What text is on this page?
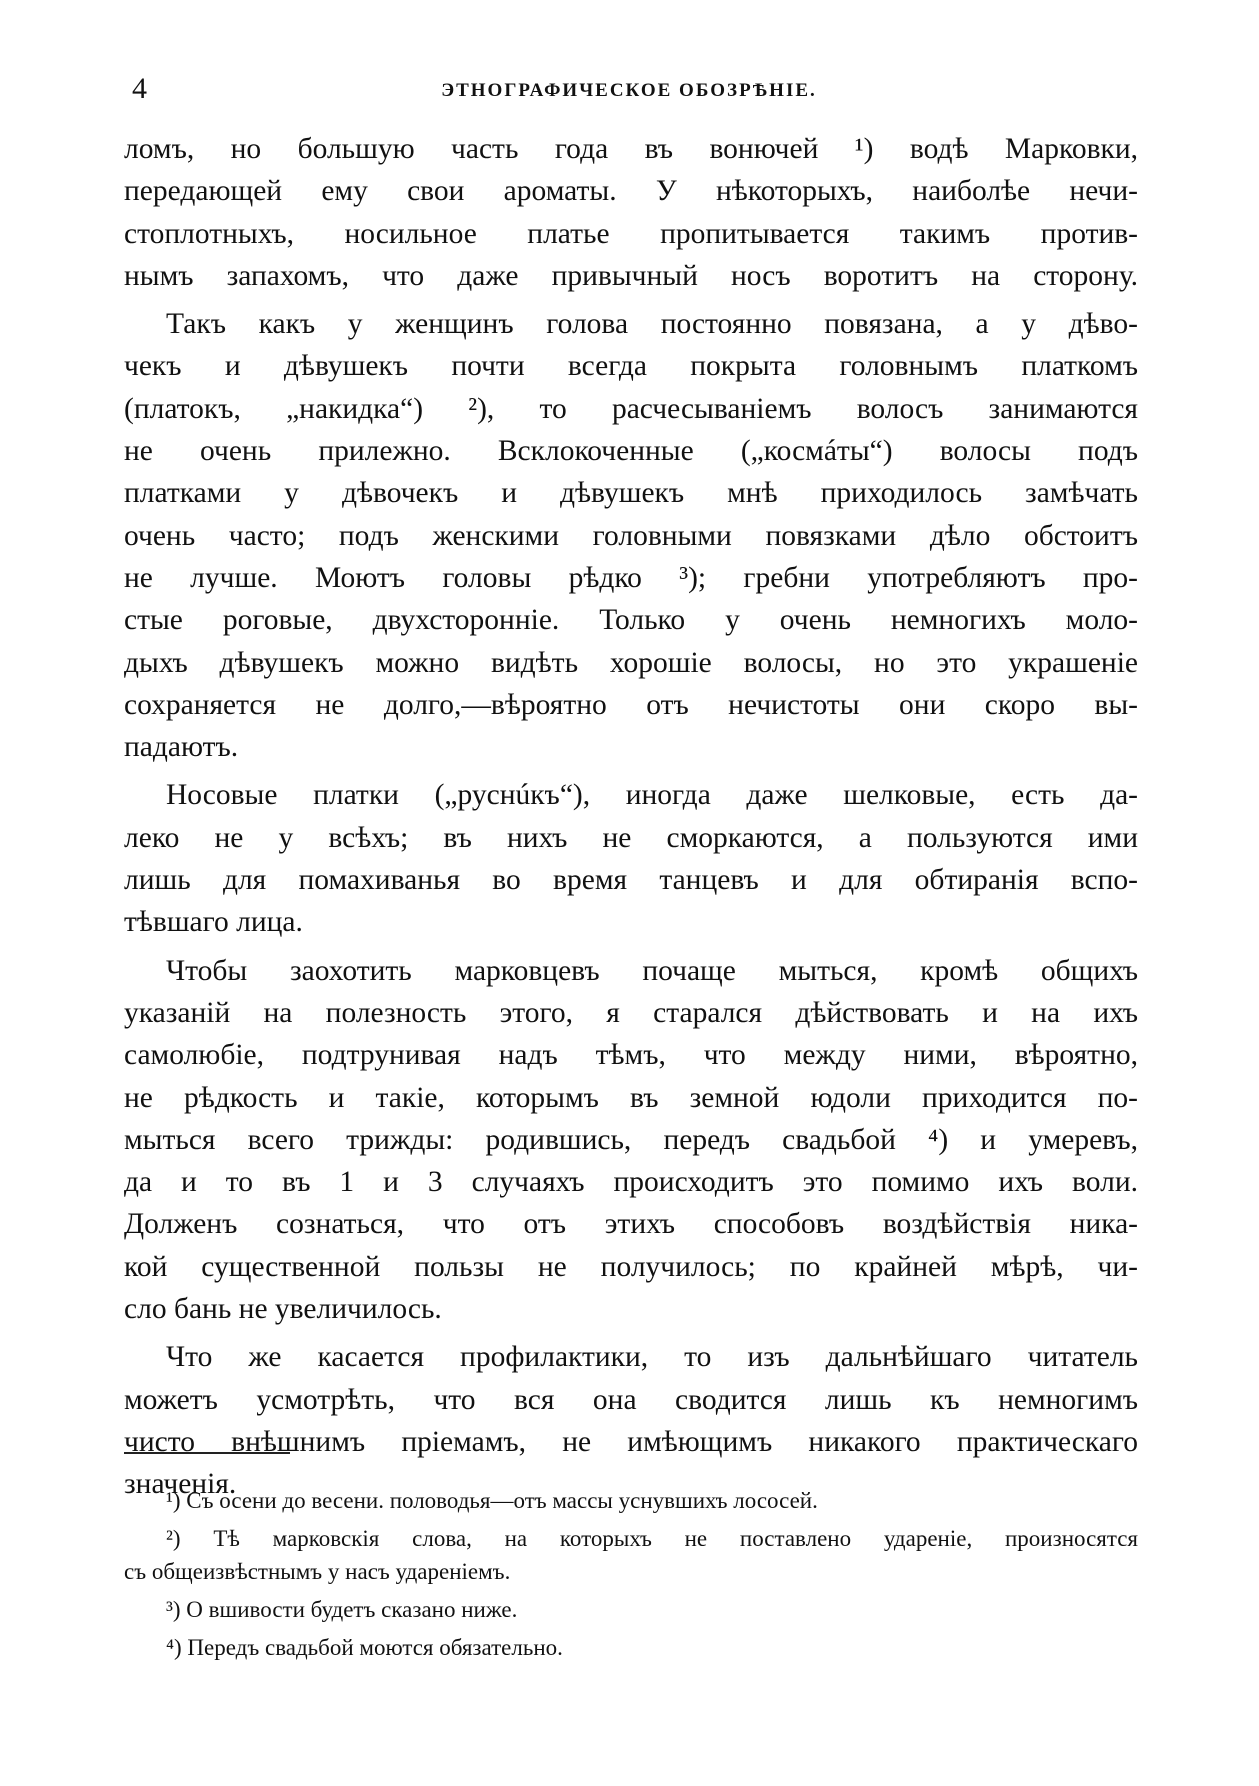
4	ЭТНОГРАФИЧЕСКОЕ ОБОЗРѢНІЕ.
ломъ, но большую часть года въ вонючей ¹) водѣ Марковки,
передающей ему свои ароматы. У нѣкоторыхъ, наиболѣе нечи-
стоплотныхъ, носильное платье пропитывается такимъ против-
нымъ запахомъ, что даже привычный носъ воротитъ на сторону.
Такъ какъ у женщинъ голова постоянно повязана, а у дѣво-
чекъ и дѣвушекъ почти всегда покрыта головнымъ платкомъ
(платокъ, „накидка“) ²), то расчесываніемъ волосъ занимаются
не очень прилежно. Всклокоченные („космáты“) волосы подъ
платками у дѣвочекъ и дѣвушекъ мнѣ приходилось замѣчать
очень часто; подъ женскими головными повязками дѣло обстоитъ
не лучше. Моютъ головы рѣдко ³); гребни употребляютъ про-
стые роговые, двухсторонніе. Только у очень немногихъ моло-
дыхъ дѣвушекъ можно видѣть хорошіе волосы, но это украшеніе
сохраняется не долго,—вѣроятно отъ нечистоты они скоро вы-
падаютъ.
Носовые платки („руснúкъ“), иногда даже шелковые, есть да-
леко не у всѣхъ; въ нихъ не сморкаются, а пользуются ими
лишь для помахиванья во время танцевъ и для обтиранія вспо-
тѣвшаго лица.
Чтобы заохотить марковцевъ почаще мыться, кромѣ общихъ
указаній на полезность этого, я старался дѣйствовать и на ихъ
самолюбіе, подтрунивая надъ тѣмъ, что между ними, вѣроятно,
не рѣдкость и такіе, которымъ въ земной юдоли приходится по-
мыться всего трижды: родившись, передъ свадьбой ⁴) и умеревъ,
да и то въ 1 и 3 случаяхъ происходитъ это помимо ихъ воли.
Долженъ сознаться, что отъ этихъ способовъ воздѣйствія ника-
кой существенной пользы не получилось; по крайней мѣрѣ, чи-
сло бань не увеличилось.
Что же касается профилактики, то изъ дальнѣйшаго читатель
можетъ усмотрѣть, что вся она сводится лишь къ немногимъ
чисто внѣшнимъ пріемамъ, не имѣющимъ никакого практическаго
значенія.
¹) Съ осени до весени. половодья—отъ массы уснувшихъ лососей.
²) Тѣ марковскія слова, на которыхъ не поставлено удареніе, произносятся
съ общеизвѣстнымъ у насъ удареніемъ.
³) О вшивости будетъ сказано ниже.
⁴) Передъ свадьбой моются обязательно.
